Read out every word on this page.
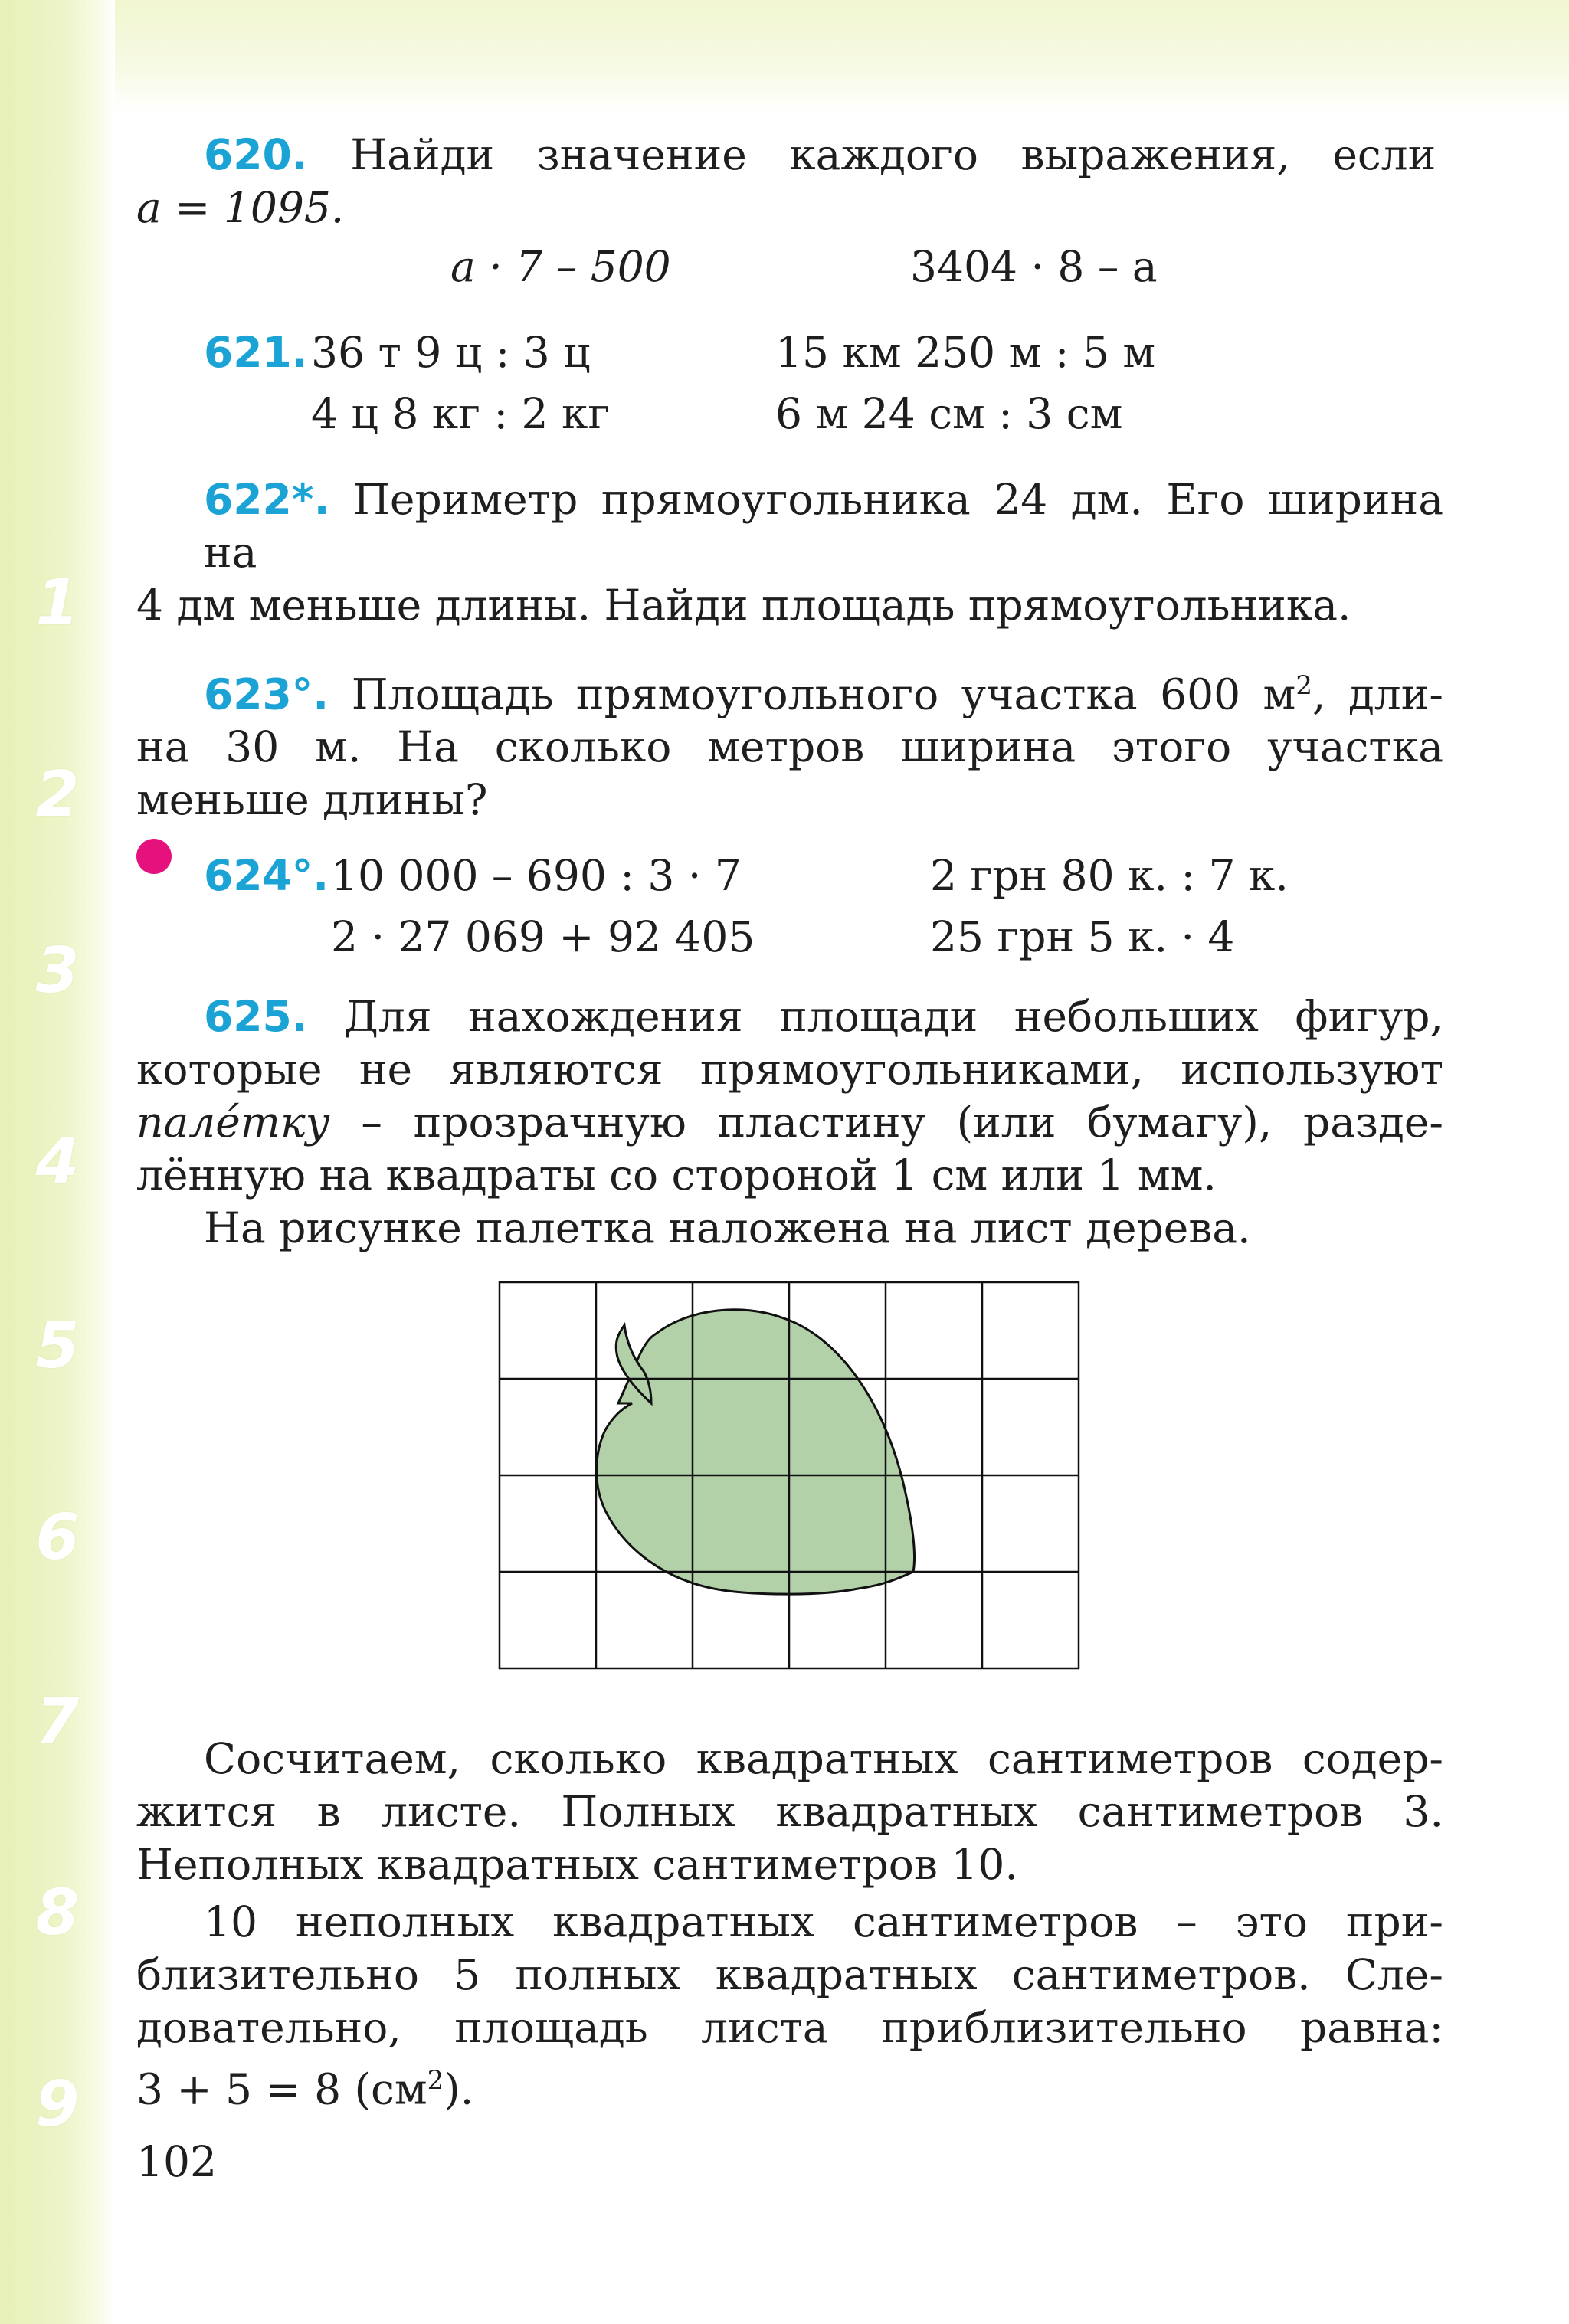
1
2
3
4
5
6
7
8
9

620. Найди значение каждого выражения, если

a = 1095.

a · 7 – 500	3404 · 8 – a
621. 36 т 9 ц : 3 ц	15 км 250 м : 5 м
4 ц 8 кг : 2 кг	6 м 24 см : 3 см

622*. Периметр прямоугольника 24 дм. Его ширина на

4 дм меньше длины. Найди площадь прямоугольника.

623°. Площадь прямоугольного участка 600 $м^2$, дли-

на 30 м. На сколько метров ширина этого участка

меньше длины?

624°. 10 000 – 690 : 3 · 7	2 грн 80 к. : 7 к.
2 · 27 069 + 92 405	25 грн 5 к. · 4

625. Для нахождения площади небольших фигур,

которые не являются прямоугольниками, используют

пале́тку – прозрачную пластину (или бумагу), разде-

лённую на квадраты со стороной 1 см или 1 мм.

На рисунке палетка наложена на лист дерева.

Сосчитаем, сколько квадратных сантиметров содер-

жится в листе. Полных квадратных сантиметров 3.

Неполных квадратных сантиметров 10.

10 неполных квадратных сантиметров – это при-

близительно 5 полных квадратных сантиметров. Сле-

довательно, площадь листа приблизительно равна:

3 + 5 = 8 $(см^2)$.

102
